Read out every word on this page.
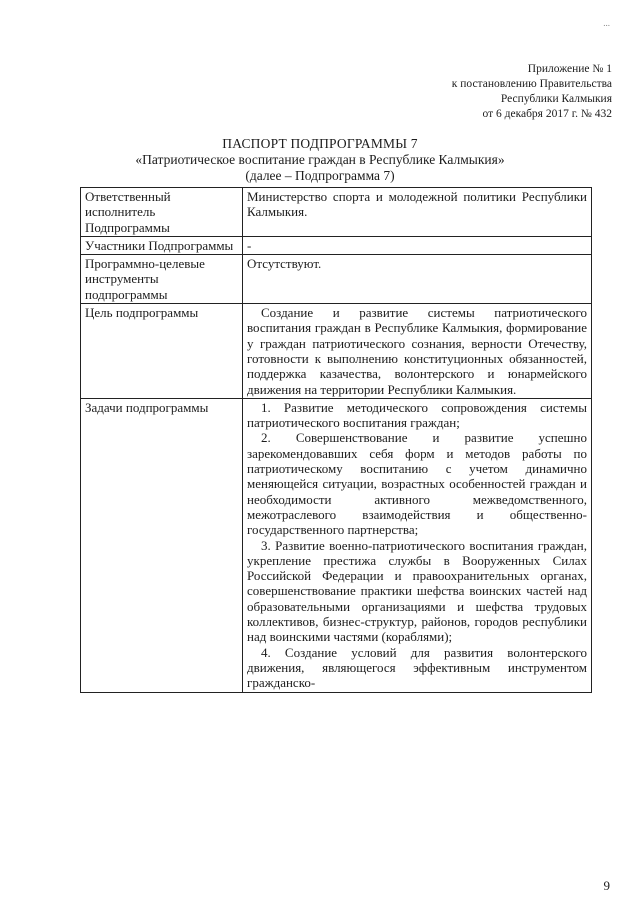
...
Приложение № 1
к постановлению Правительства
Республики Калмыкия
от 6 декабря 2017 г. № 432
ПАСПОРТ ПОДПРОГРАММЫ 7
«Патриотическое воспитание граждан в Республике Калмыкия»
(далее – Подпрограмма 7)
Ответственный исполнитель Подпрограммы	Министерство спорта и молодежной политики Республики Калмыкия.

Участники Подпрограммы	-

Программно-целевые инструменты подпрограммы	Отсутствуют.

Цель подпрограммы	Создание и развитие системы патриотического воспитания граждан в Республике Калмыкия, формирование у граждан патриотического сознания, верности Отечеству, готовности к выполнению конституционных обязанностей, поддержка казачества, волонтерского и юнармейского движения на территории Республики Калмыкия.

Задачи подпрограммы	1. Развитие методического сопровождения системы патриотического воспитания граждан;

2. Совершенствование и развитие успешно зарекомендовавших себя форм и методов работы по патриотическому воспитанию с учетом динамично меняющейся ситуации, возрастных особенностей граждан и необходимости активного межведомственного, межотраслевого взаимодействия и общественно-государственного партнерства;

3. Развитие военно-патриотического воспитания граждан, укрепление престижа службы в Вооруженных Силах Российской Федерации и правоохранительных органах, совершенствование практики шефства воинских частей над образовательными организациями и шефства трудовых коллективов, бизнес-структур, районов, городов республики над воинскими частями (кораблями);

4. Создание условий для развития волонтерского движения, являющегося эффективным инструментом гражданско-

9
